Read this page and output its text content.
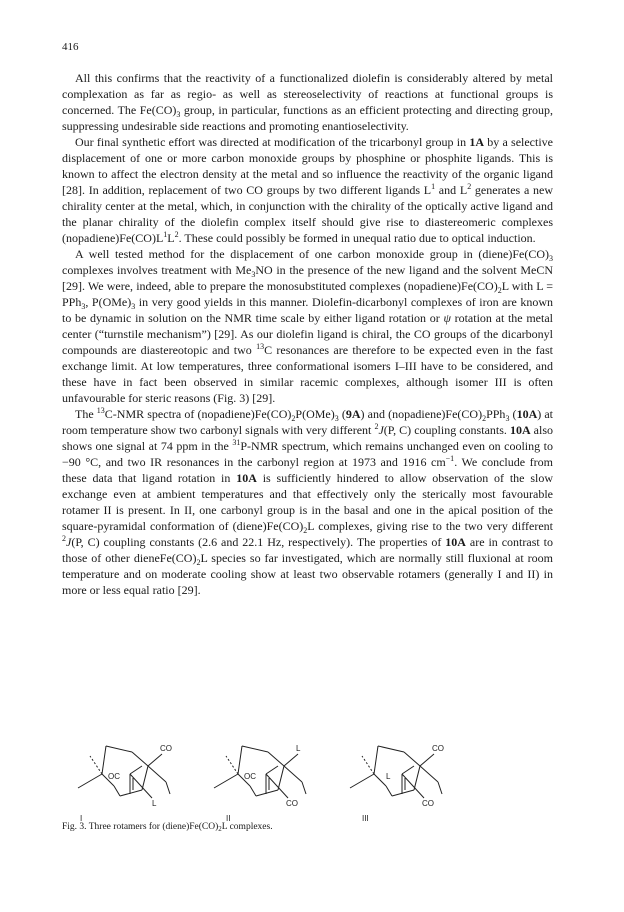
416

All this confirms that the reactivity of a functionalized diolefin is considerably altered by metal complexation as far as regio- as well as stereoselectivity of reactions at functional groups is concerned. The $Fe(CO)_3$ group, in particular, functions as an efficient protecting and directing group, suppressing undesirable side reactions and promoting enantioselectivity.

Our final synthetic effort was directed at modification of the tricarbonyl group in 1A by a selective displacement of one or more carbon monoxide groups by phosphine or phosphite ligands. This is known to affect the electron density at the metal and so influence the reactivity of the organic ligand [28]. In addition, replacement of two CO groups by two different ligands $L^1$ and $L^2$ generates a new chirality center at the metal, which, in conjunction with the chirality of the optically active ligand and the planar chirality of the diolefin complex itself should give rise to diastereomeric complexes $(nopadiene)Fe(CO)L^1L^2$. These could possibly be formed in unequal ratio due to optical induction.

A well tested method for the displacement of one carbon monoxide group in $(diene)Fe(CO)_3$ complexes involves treatment with $Me_3NO$ in the presence of the new ligand and the solvent MeCN [29]. We were, indeed, able to prepare the monosubstituted complexes $(nopadiene)Fe(CO)_2L$ with L = PPh$_3$, $P(OMe)_3$ in very good yields in this manner. Diolefin-dicarbonyl complexes of iron are known to be dynamic in solution on the NMR time scale by either ligand rotation or ψ rotation at the metal center (“turnstile mechanism”) [29]. As our diolefin ligand is chiral, the CO groups of the dicarbonyl compounds are diastereotopic and two $^{13}$C resonances are therefore to be expected even in the fast exchange limit. At low temperatures, three conformational isomers I–III have to be considered, and these have in fact been observed in similar racemic complexes, although isomer III is often unfavourable for steric reasons (Fig. 3) [29].

The $^{13}$C-NMR spectra of $(nopadiene)Fe(CO)_2P(OMe)_3$ (9A) and $(nopadiene)Fe(CO)_2PPh_3$ (10A) at room temperature show two carbonyl signals with very different $^2$J(P, C) coupling constants. 10A also shows one signal at 74 ppm in the $^{31}$P-NMR spectrum, which remains unchanged even on cooling to −90 °C, and two IR resonances in the carbonyl region at 1973 and 1916 $cm^{-1}$. We conclude from these data that ligand rotation in 10A is sufficiently hindered to allow observation of the slow exchange even at ambient temperatures and that effectively only the sterically most favourable rotamer II is present. In II, one carbonyl group is in the basal and one in the apical position of the square-pyramidal conformation of $(diene)Fe(CO)_2L$ complexes, giving rise to the two very different $^2$J(P, C) coupling constants (2.6 and 22.1 Hz, respectively). The properties of 10A are in contrast to those of other $dieneFe(CO)_2L$ species so far investigated, which are normally still fluxional at room temperature and on moderate cooling show at least two observable rotamers (generally I and II) in more or less equal ratio [29].

CO
OC
L
I
L
OC
CO
II
CO
L
CO
III
Fig. 3. Three rotamers for $(diene)Fe(CO)_2L$ complexes.
